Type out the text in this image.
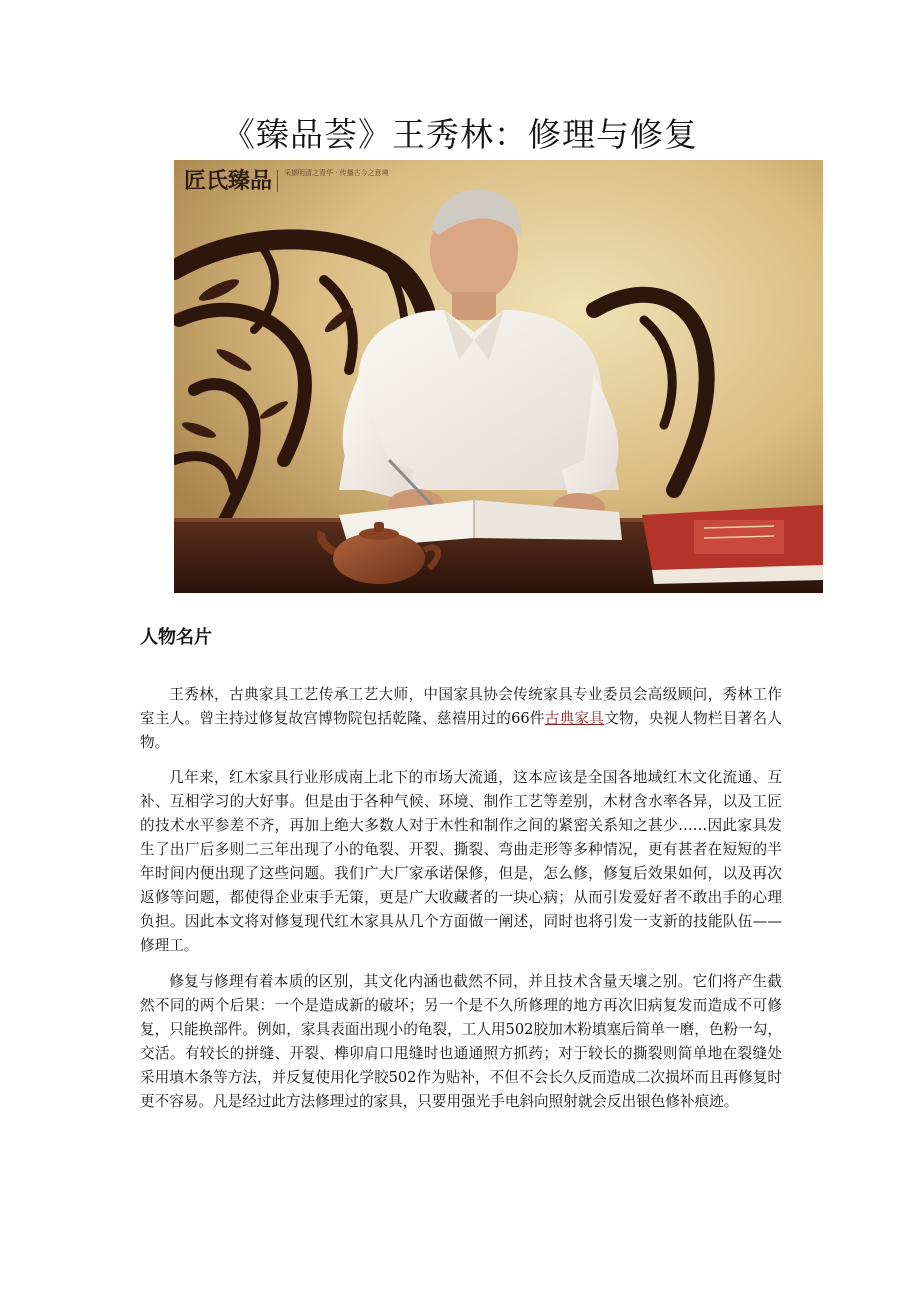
《臻品荟》王秀林：修理与修复
匠氏臻品 采撷明清之青华 · 传播古今之意境
人物名片

王秀林，古典家具工艺传承工艺大师，中国家具协会传统家具专业委员会高级顾问，秀林工作室主人。曾主持过修复故宫博物院包括乾隆、慈禧用过的66件古典家具文物，央视人物栏目著名人物。

几年来，红木家具行业形成南上北下的市场大流通，这本应该是全国各地域红木文化流通、互补、互相学习的大好事。但是由于各种气候、环境、制作工艺等差别，木材含水率各异，以及工匠的技术水平参差不齐，再加上绝大多数人对于木性和制作之间的紧密关系知之甚少……因此家具发生了出厂后多则二三年出现了小的龟裂、开裂、撕裂、弯曲走形等多种情况，更有甚者在短短的半年时间内便出现了这些问题。我们广大厂家承诺保修，但是，怎么修，修复后效果如何，以及再次返修等问题，都使得企业束手无策，更是广大收藏者的一块心病；从而引发爱好者不敢出手的心理负担。因此本文将对修复现代红木家具从几个方面做一阐述，同时也将引发一支新的技能队伍——修理工。

修复与修理有着本质的区别，其文化内涵也截然不同，并且技术含量天壤之别。它们将产生截然不同的两个后果：一个是造成新的破坏；另一个是不久所修理的地方再次旧病复发而造成不可修复，只能换部件。例如，家具表面出现小的龟裂，工人用502胶加木粉填塞后简单一磨，色粉一勾，交活。有较长的拼缝、开裂、榫卯肩口甩缝时也通通照方抓药；对于较长的撕裂则简单地在裂缝处采用填木条等方法，并反复使用化学胶502作为贴补，不但不会长久反而造成二次损坏而且再修复时更不容易。凡是经过此方法修理过的家具，只要用强光手电斜向照射就会反出银色修补痕迹。
